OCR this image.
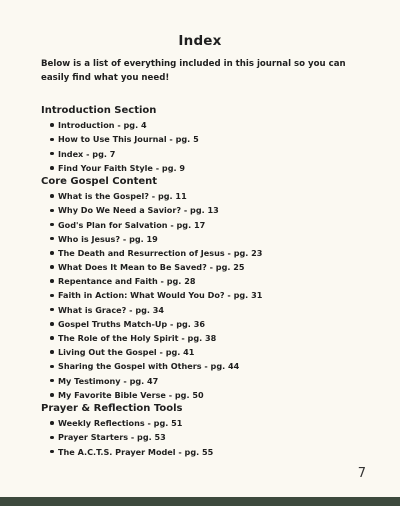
Index
Below is a list of everything included in this journal so you can easily find what you need!
Introduction Section
Introduction - pg. 4
How to Use This Journal - pg. 5
Index - pg. 7
Find Your Faith Style - pg. 9
Core Gospel Content
What is the Gospel? - pg. 11
Why Do We Need a Savior? - pg. 13
God's Plan for Salvation - pg. 17
Who is Jesus? - pg. 19
The Death and Resurrection of Jesus - pg. 23
What Does It Mean to Be Saved? - pg. 25
Repentance and Faith - pg. 28
Faith in Action: What Would You Do? - pg. 31
What is Grace? - pg. 34
Gospel Truths Match-Up - pg. 36
The Role of the Holy Spirit - pg. 38
Living Out the Gospel - pg. 41
Sharing the Gospel with Others - pg. 44
My Testimony - pg. 47
My Favorite Bible Verse - pg. 50
Prayer & Reflection Tools
Weekly Reflections - pg. 51
Prayer Starters - pg. 53
The A.C.T.S. Prayer Model - pg. 55
7
